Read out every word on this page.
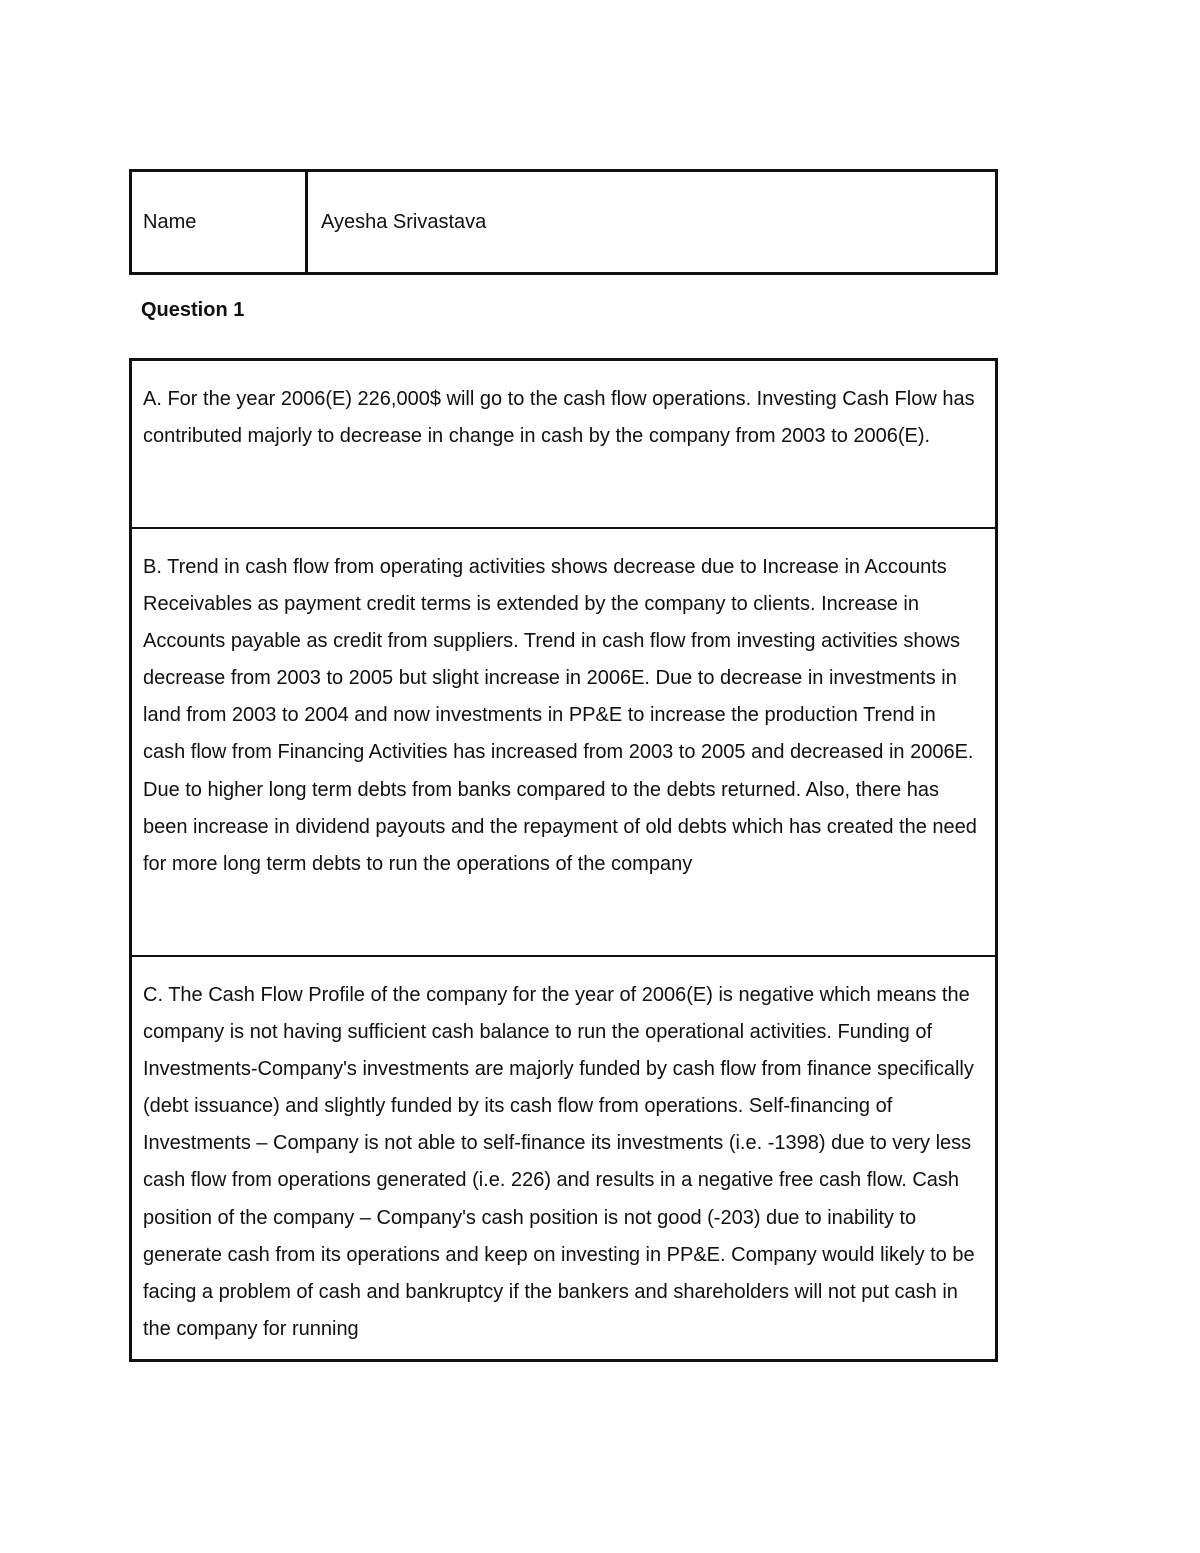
Name	Ayesha Srivastava
Question 1

A. For the year 2006(E) 226,000$ will go to the cash flow operations. Investing Cash Flow has contributed majorly to decrease in change in cash by the company from 2003 to 2006(E).

B. Trend in cash flow from operating activities shows decrease due to Increase in Accounts Receivables as payment credit terms is extended by the company to clients. Increase in Accounts payable as credit from suppliers. Trend in cash flow from investing activities shows decrease from 2003 to 2005 but slight increase in 2006E. Due to decrease in investments in land from 2003 to 2004 and now investments in PP&E to increase the production Trend in cash flow from Financing Activities has increased from 2003 to 2005 and decreased in 2006E. Due to higher long term debts from banks compared to the debts returned. Also, there has been increase in dividend payouts and the repayment of old debts which has created the need for more long term debts to run the operations of the company

C. The Cash Flow Profile of the company for the year of 2006(E) is negative which means the company is not having sufficient cash balance to run the operational activities. Funding of Investments-Company's investments are majorly funded by cash flow from finance specifically (debt issuance) and slightly funded by its cash flow from operations. Self-financing of Investments – Company is not able to self-finance its investments (i.e. -1398) due to very less cash flow from operations generated (i.e. 226) and results in a negative free cash flow. Cash position of the company – Company's cash position is not good (-203) due to inability to generate cash from its operations and keep on investing in PP&E. Company would likely to be facing a problem of cash and bankruptcy if the bankers and shareholders will not put cash in the company for running
